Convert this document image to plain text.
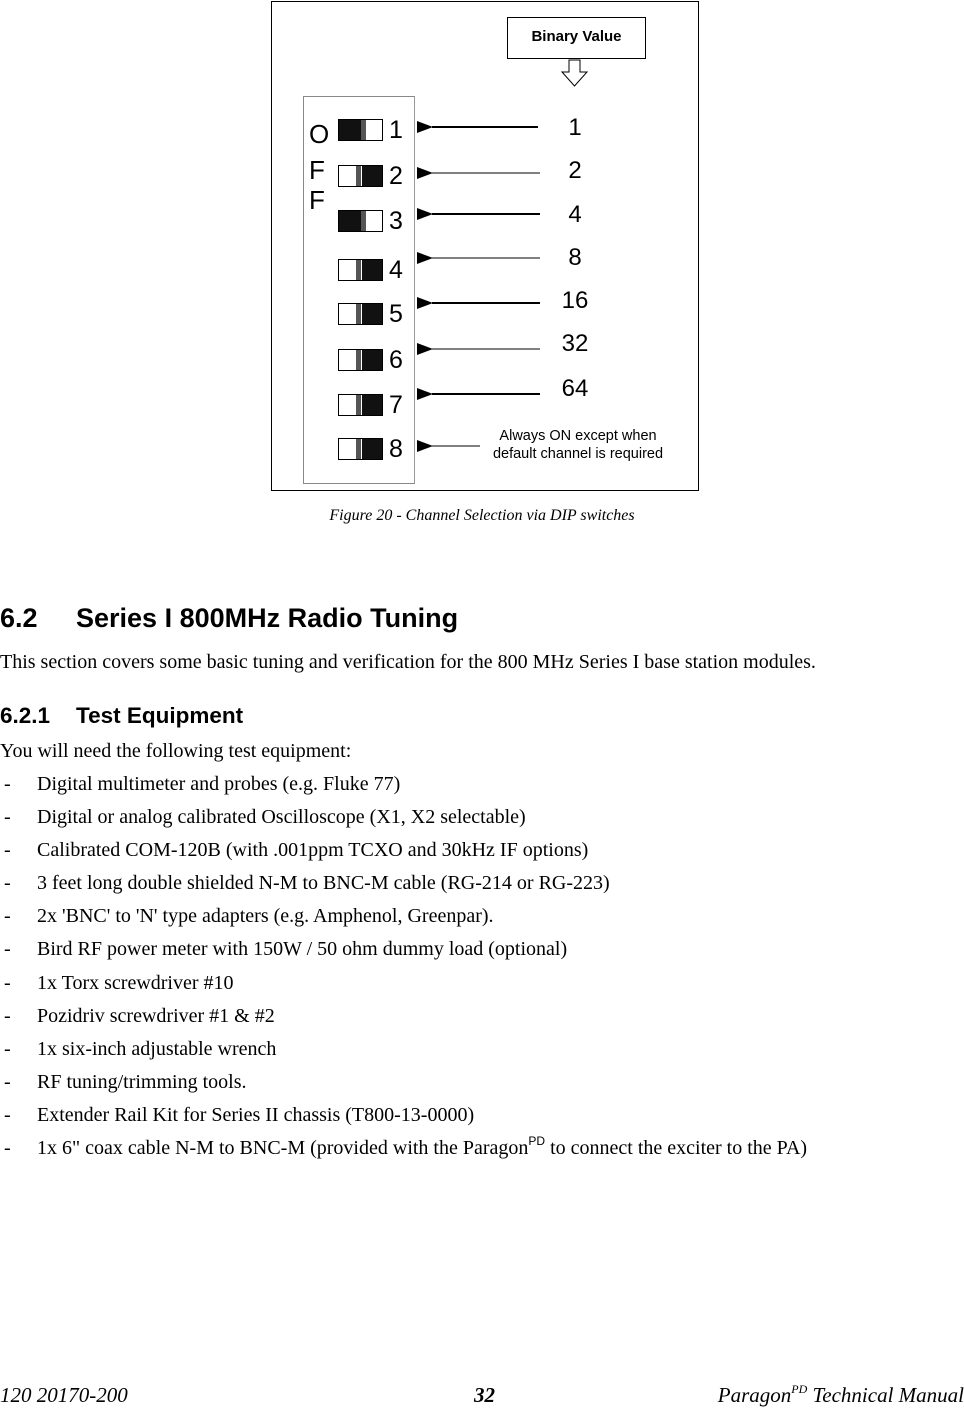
Binary Value
O
F
F
1
2
3
4
5
6
7
8
1
2
4
8
16
32
64
Always ON except when
default channel is required
Figure 20 - Channel Selection via DIP switches
6.2 Series I 800MHz Radio Tuning
This section covers some basic tuning and verification for the 800 MHz Series I base station modules.
6.2.1 Test Equipment
You will need the following test equipment:
- Digital multimeter and probes (e.g. Fluke 77)
- Digital or analog calibrated Oscilloscope (X1, X2 selectable)
- Calibrated COM-120B (with .001ppm TCXO and 30kHz IF options)
- 3 feet long double shielded N-M to BNC-M cable (RG-214 or RG-223)
- 2x 'BNC' to 'N' type adapters (e.g. Amphenol, Greenpar).
- Bird RF power meter with 150W / 50 ohm dummy load (optional)
- 1x Torx screwdriver #10
- Pozidriv screwdriver #1 & #2
- 1x six-inch adjustable wrench
- RF tuning/trimming tools.
- Extender Rail Kit for Series II chassis (T800-13-0000)
- 1x 6" coax cable N-M to BNC-M (provided with the Paragon$^{PD}$ to connect the exciter to the PA)
120 20170-200	32	Paragon$^{PD}$ Technical Manual
